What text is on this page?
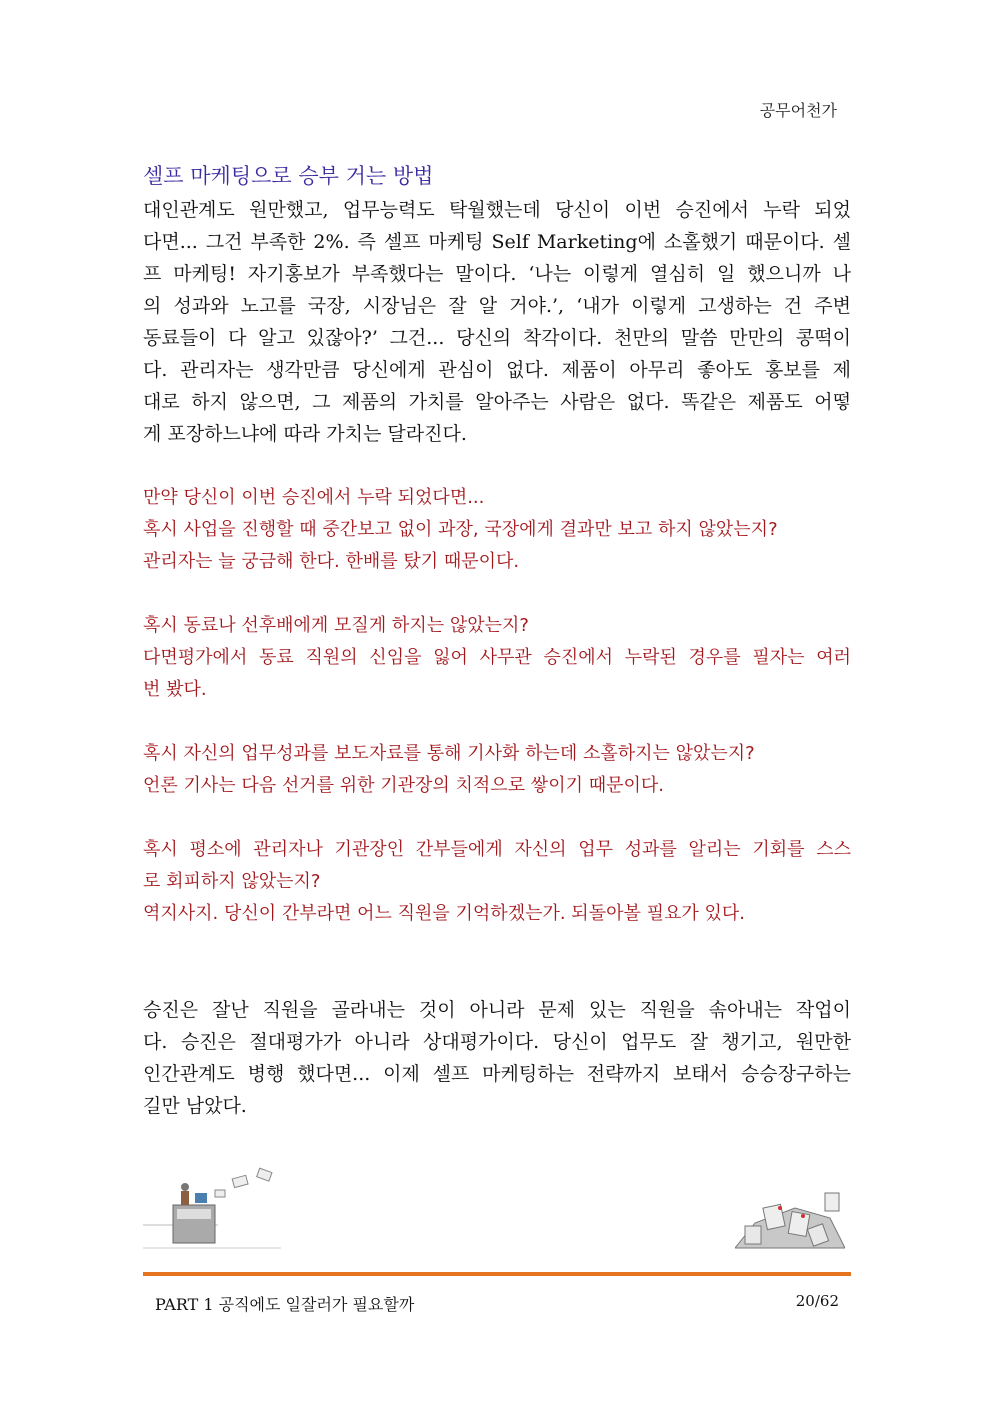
공무어천가
셀프 마케팅으로 승부 거는 방법
대인관계도 원만했고, 업무능력도 탁월했는데 당신이 이번 승진에서 누락 되었
다면... 그건 부족한 2%. 즉 셀프 마케팅 Self Marketing에 소홀했기 때문이다. 셀
프 마케팅! 자기홍보가 부족했다는 말이다. ‘나는 이렇게 열심히 일 했으니까 나
의 성과와 노고를 국장, 시장님은 잘 알 거야.’, ‘내가 이렇게 고생하는 건 주변
동료들이 다 알고 있잖아?’ 그건... 당신의 착각이다. 천만의 말씀 만만의 콩떡이
다. 관리자는 생각만큼 당신에게 관심이 없다. 제품이 아무리 좋아도 홍보를 제
대로 하지 않으면, 그 제품의 가치를 알아주는 사람은 없다. 똑같은 제품도 어떻
게 포장하느냐에 따라 가치는 달라진다.
만약 당신이 이번 승진에서 누락 되었다면...
혹시 사업을 진행할 때 중간보고 없이 과장, 국장에게 결과만 보고 하지 않았는지?
관리자는 늘 궁금해 한다. 한배를 탔기 때문이다.
혹시 동료나 선후배에게 모질게 하지는 않았는지?
다면평가에서 동료 직원의 신임을 잃어 사무관 승진에서 누락된 경우를 필자는 여러
번 봤다.
혹시 자신의 업무성과를 보도자료를 통해 기사화 하는데 소홀하지는 않았는지?
언론 기사는 다음 선거를 위한 기관장의 치적으로 쌓이기 때문이다.
혹시 평소에 관리자나 기관장인 간부들에게 자신의 업무 성과를 알리는 기회를 스스
로 회피하지 않았는지?
역지사지. 당신이 간부라면 어느 직원을 기억하겠는가. 되돌아볼 필요가 있다.
승진은 잘난 직원을 골라내는 것이 아니라 문제 있는 직원을 솎아내는 작업이
다. 승진은 절대평가가 아니라 상대평가이다. 당신이 업무도 잘 챙기고, 원만한
인간관계도 병행 했다면... 이제 셀프 마케팅하는 전략까지 보태서 승승장구하는
길만 남았다.
PART 1 공직에도 일잘러가 필요할까	20/62
